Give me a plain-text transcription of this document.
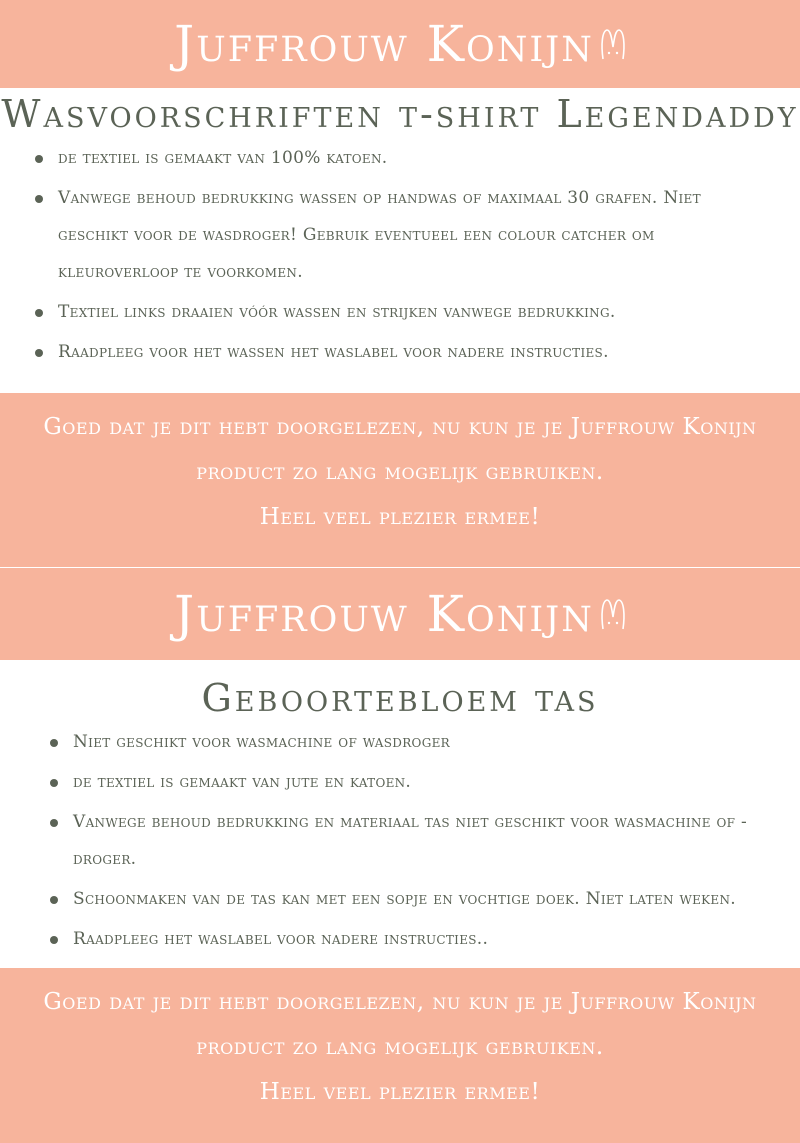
Juffrouw Konijn
Wasvoorschriften t-shirt Legendaddy
de textiel is gemaakt van 100% katoen.
Vanwege behoud bedrukking wassen op handwas of maximaal 30 grafen. Niet geschikt voor de wasdroger! Gebruik eventueel een colour catcher om kleuroverloop te voorkomen.
Textiel links draaien vóór wassen en strijken vanwege bedrukking.
Raadpleeg voor het wassen het waslabel voor nadere instructies.
Goed dat je dit hebt doorgelezen, nu kun je je Juffrouw Konijn
product zo lang mogelijk gebruiken.
Heel veel plezier ermee!
Juffrouw Konijn
Geboortebloem tas
Niet geschikt voor wasmachine of wasdroger
de textiel is gemaakt van jute en katoen.
Vanwege behoud bedrukking en materiaal tas niet geschikt voor wasmachine of -droger.
Schoonmaken van de tas kan met een sopje en vochtige doek. Niet laten weken.
Raadpleeg het waslabel voor nadere instructies..
Goed dat je dit hebt doorgelezen, nu kun je je Juffrouw Konijn
product zo lang mogelijk gebruiken.
Heel veel plezier ermee!
